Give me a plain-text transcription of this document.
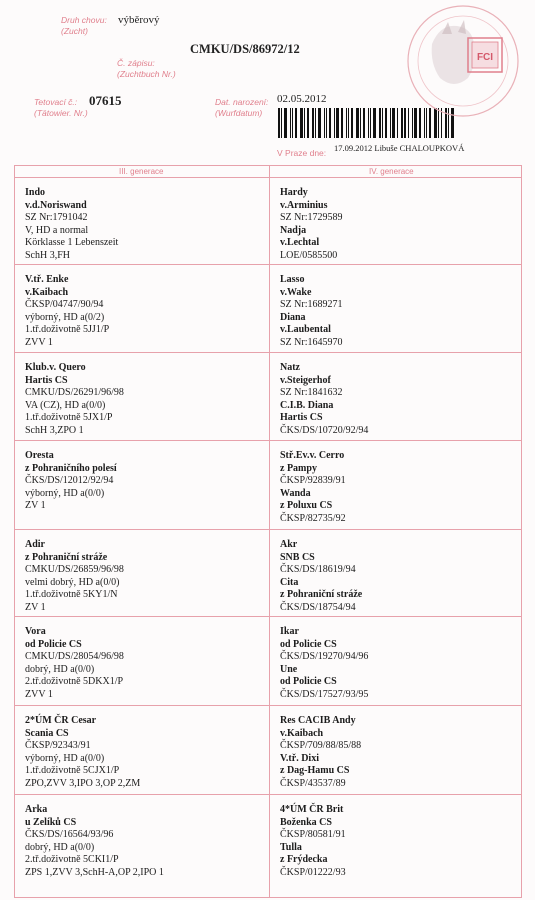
Druh chovu:
(Zucht)
výběrový
Č. zápisu:
(Zuchtbuch Nr.)
CMKU/DS/86972/12
Tetovací č.:
(Tätowier. Nr.)
07615	Dat. narození:
(Wurfdatum)
02.05.2012
V Praze dne: 17.09.2012 Libuše CHALOUPKOVÁ
FCI
III. generace	IV. generace
Indo
v.d.Noriswand
SZ Nr:1791042
V, HD a normal
Körklasse 1 Lebenszeit
SchH 3,FH
V.tř. Enke
v.Kaibach
ČKSP/04747/90/94
výborný, HD a(0/2)
1.tř.doživotně 5JJ1/P
ZVV 1
Klub.v. Quero
Hartis CS
CMKU/DS/26291/96/98
VA (CZ), HD a(0/0)
1.tř.doživotně 5JX1/P
SchH 3,ZPO 1
Oresta
z Pohraničního polesí
ČKS/DS/12012/92/94
výborný, HD a(0/0)
ZV 1
Adir
z Pohraniční stráže
CMKU/DS/26859/96/98
velmi dobrý, HD a(0/0)
1.tř.doživotně 5KY1/N
ZV 1
Vora
od Policie CS
CMKU/DS/28054/96/98
dobrý, HD a(0/0)
2.tř.doživotně 5DKX1/P
ZVV 1
2*ÚM ČR Cesar
Scania CS
ČKSP/92343/91
výborný, HD a(0/0)
1.tř.doživotně 5CJX1/P
ZPO,ZVV 3,IPO 3,OP 2,ZM
Arka
u Zelíků CS
ČKS/DS/16564/93/96
dobrý, HD a(0/0)
2.tř.doživotně 5CKI1/P
ZPS 1,ZVV 3,SchH-A,OP 2,IPO 1
Hardy
v.Arminius
SZ Nr:1729589
Nadja
v.Lechtal
LOE/0585500
Lasso
v.Wake
SZ Nr:1689271
Diana
v.Laubental
SZ Nr:1645970
Natz
v.Steigerhof
SZ Nr:1841632
C.I.B. Diana
Hartis CS
ČKS/DS/10720/92/94
Stř.Ev.v. Cerro
z Pampy
ČKSP/92839/91
Wanda
z Poluxu CS
ČKSP/82735/92
Akr
SNB CS
ČKS/DS/18619/94
Cita
z Pohraniční stráže
ČKS/DS/18754/94
Ikar
od Policie CS
ČKS/DS/19270/94/96
Une
od Policie CS
ČKS/DS/17527/93/95
Res CACIB Andy
v.Kaibach
ČKSP/709/88/85/88
V.tř. Dixi
z Dag-Hamu CS
ČKSP/43537/89
4*ÚM ČR Brit
Boženka CS
ČKSP/80581/91
Tulla
z Frýdecka
ČKSP/01222/93
